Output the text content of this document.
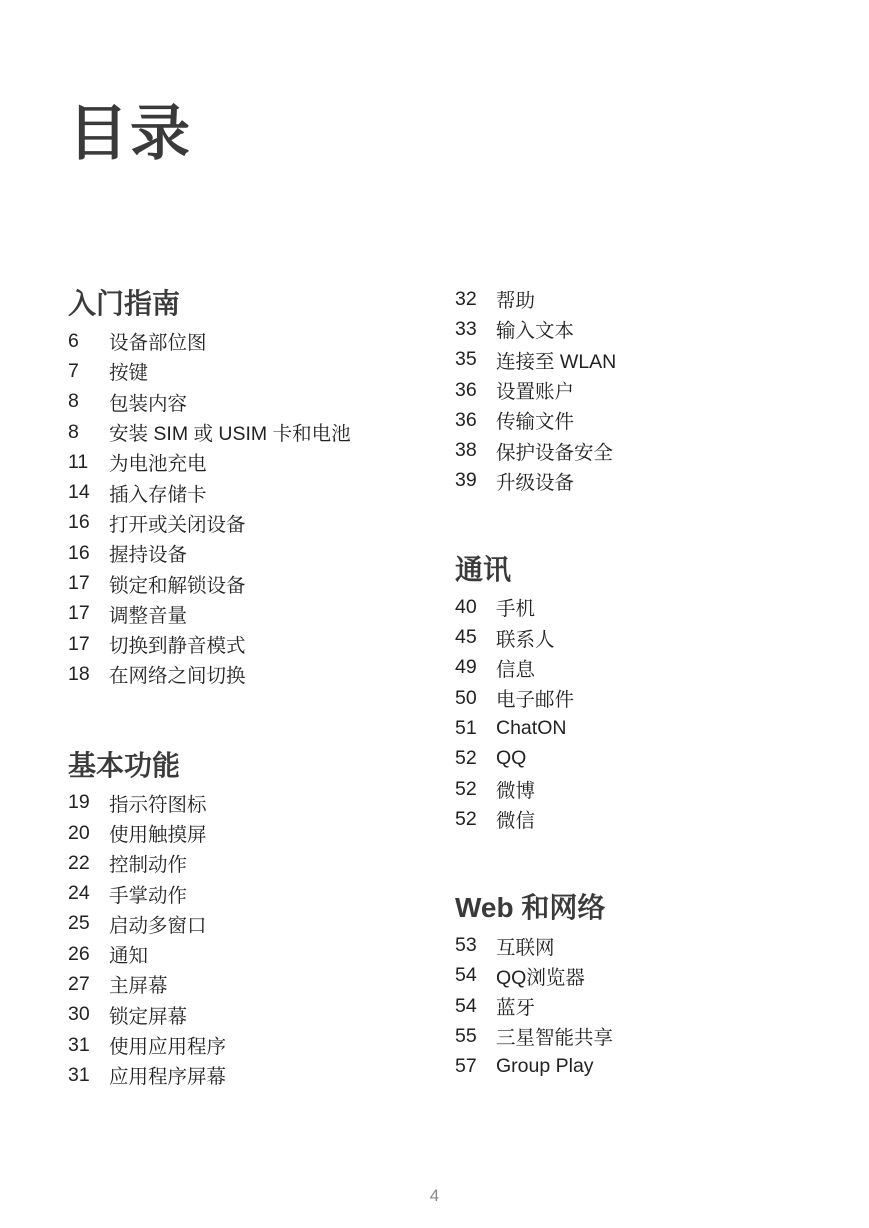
目录
入门指南
6	设备部位图
7	按键
8	包装内容
8	安装 SIM 或 USIM 卡和电池
11	为电池充电
14 插入存储卡
16 打开或关闭设备
16 握持设备
17 锁定和解锁设备
17 调整音量
17 切换到静音模式
18 在网络之间切换
基本功能
19 指示符图标
20 使用触摸屏
22 控制动作
24 手掌动作
25 启动多窗口
26 通知
27 主屏幕
30 锁定屏幕
31 使用应用程序
31 应用程序屏幕
32 帮助
33 输入文本
35 连接至 WLAN
36 设置账户
36 传输文件
38 保护设备安全
39 升级设备
通讯
40 手机
45 联系人
49 信息
50 电子邮件
51 ChatON
52 QQ
52 微博
52 微信
Web 和网络
53 互联网
54 QQ浏览器
54 蓝牙
55 三星智能共享
57 Group Play
4
